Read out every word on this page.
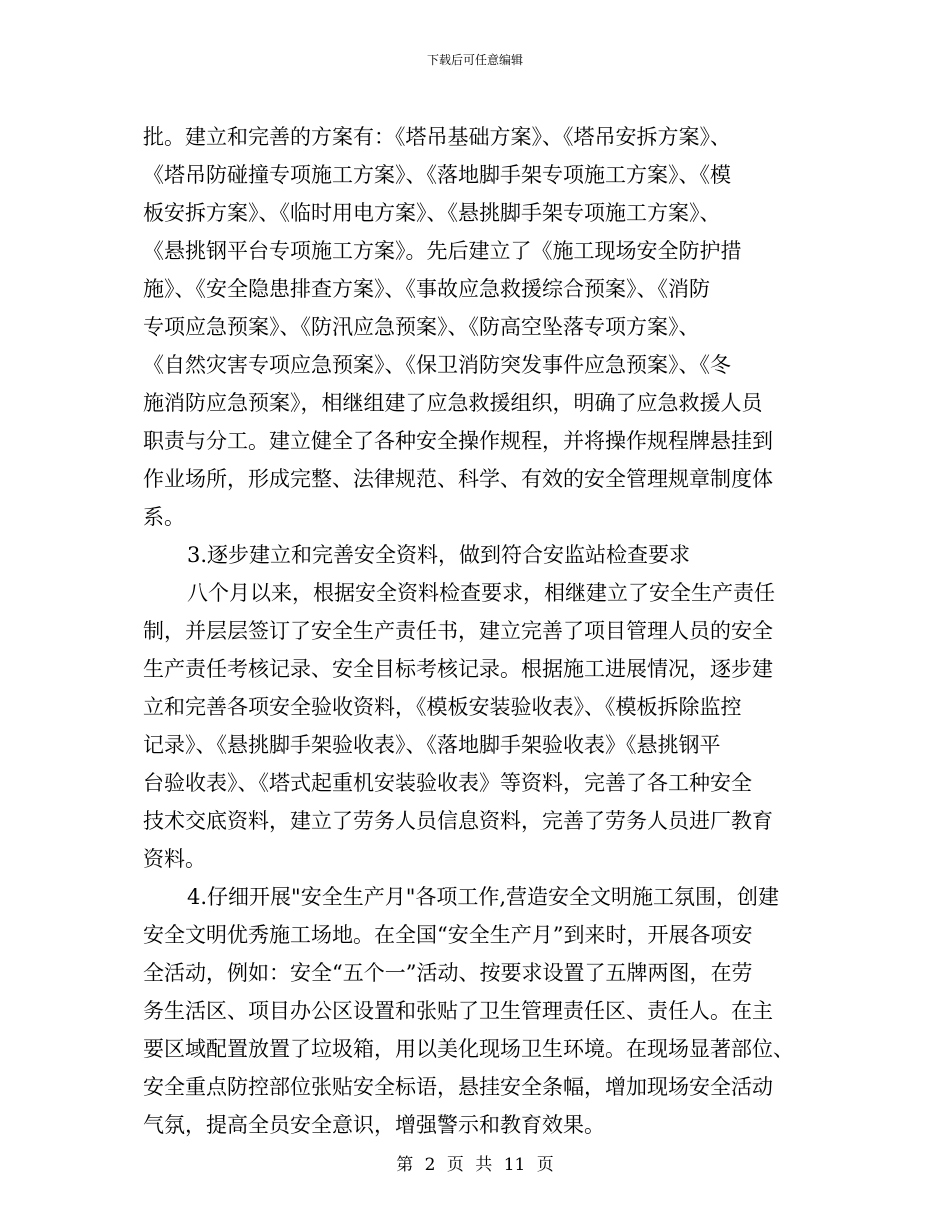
下载后可任意编辑
批。建立和完善的方案有：《塔吊基础方案》、《塔吊安拆方案》、
《塔吊防碰撞专项施工方案》、《落地脚手架专项施工方案》、《模
板安拆方案》、《临时用电方案》、《悬挑脚手架专项施工方案》、
《悬挑钢平台专项施工方案》。先后建立了《施工现场安全防护措
施》、《安全隐患排查方案》、《事故应急救援综合预案》、《消防
专项应急预案》、《防汛应急预案》、《防高空坠落专项方案》、
《自然灾害专项应急预案》、《保卫消防突发事件应急预案》、《冬
施消防应急预案》，相继组建了应急救援组织，明确了应急救援人员
职责与分工。建立健全了各种安全操作规程，并将操作规程牌悬挂到
作业场所，形成完整、法律规范、科学、有效的安全管理规章制度体
系。
3.逐步建立和完善安全资料，做到符合安监站检查要求
八个月以来，根据安全资料检查要求，相继建立了安全生产责任
制，并层层签订了安全生产责任书，建立完善了项目管理人员的安全
生产责任考核记录、安全目标考核记录。根据施工进展情况，逐步建
立和完善各项安全验收资料，《模板安装验收表》、《模板拆除监控
记录》、《悬挑脚手架验收表》、《落地脚手架验收表》《悬挑钢平
台验收表》、《塔式起重机安装验收表》等资料，完善了各工种安全
技术交底资料，建立了劳务人员信息资料，完善了劳务人员进厂教育
资料。
4.仔细开展"安全生产月"各项工作,营造安全文明施工氛围，创建
安全文明优秀施工场地。在全国“安全生产月”到来时，开展各项安
全活动，例如：安全“五个一”活动、按要求设置了五牌两图，在劳
务生活区、项目办公区设置和张贴了卫生管理责任区、责任人。在主
要区域配置放置了垃圾箱，用以美化现场卫生环境。在现场显著部位、
安全重点防控部位张贴安全标语，悬挂安全条幅，增加现场安全活动
气氛，提高全员安全意识，增强警示和教育效果。
第 2 页 共 11 页
